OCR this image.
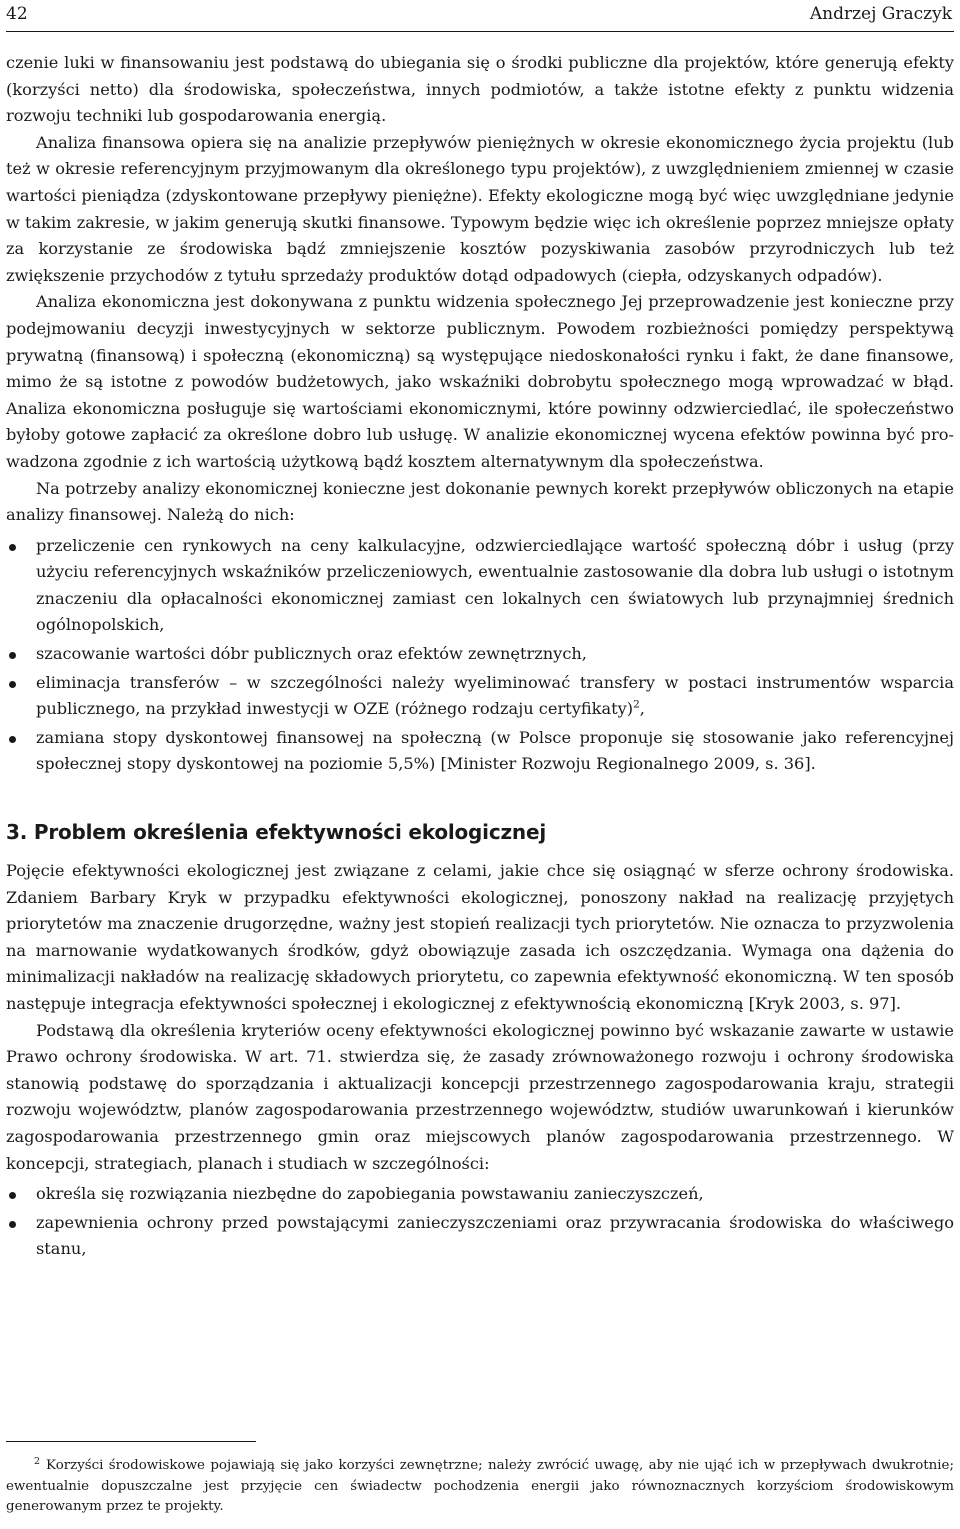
42	Andrzej Graczyk

czenie luki w finansowaniu jest podstawą do ubiegania się o środki publiczne dla projektów, które generują efekty (korzyści netto) dla środowiska, społeczeństwa, innych podmiotów, a także istotne efekty z punktu widzenia rozwoju techniki lub gospodarowania energią.

Analiza finansowa opiera się na analizie przepływów pieniężnych w okresie ekonomicznego życia projektu (lub też w okresie referencyjnym przyjmowanym dla określonego typu projektów), z uwzględnieniem zmiennej w czasie wartości pieniądza (zdyskontowane przepływy pieniężne). Efekty ekologiczne mogą być więc uwzględniane jedynie w takim zakresie, w jakim generują skutki finansowe. Typowym będzie więc ich określenie poprzez mniejsze opłaty za korzystanie ze środowiska bądź zmniejszenie kosztów pozyskiwania zasobów przyrodniczych lub też zwiększenie przychodów z tytułu sprzedaży produktów dotąd odpadowych (ciepła, odzyskanych odpadów).

Analiza ekonomiczna jest dokonywana z punktu widzenia społecznego Jej przeprowadzenie jest konieczne przy podejmowaniu decyzji inwestycyjnych w sektorze publicznym. Powodem rozbieżności pomiędzy perspektywą prywatną (finansową) i społeczną (ekonomiczną) są występujące niedoskonałości rynku i fakt, że dane finansowe, mimo że są istotne z powodów budżetowych, jako wskaźniki dobrobytu społecznego mogą wprowadzać w błąd. Analiza ekonomiczna posługuje się wartościami ekonomicznymi, które powinny odzwierciedlać, ile społeczeństwo byłoby gotowe zapłacić za określone dobro lub usługę. W analizie ekonomicznej wycena efektów powinna być prowadzona zgodnie z ich wartością użytkową bądź kosztem alternatywnym dla społeczeństwa.

Na potrzeby analizy ekonomicznej konieczne jest dokonanie pewnych korekt przepływów obliczonych na etapie analizy finansowej. Należą do nich:

przeliczenie cen rynkowych na ceny kalkulacyjne, odzwierciedlające wartość społeczną dóbr i usług (przy użyciu referencyjnych wskaźników przeliczeniowych, ewentualnie zastosowanie dla dobra lub usługi o istotnym znaczeniu dla opłacalności ekonomicznej zamiast cen lokalnych cen światowych lub przynajmniej średnich ogólnopolskich,
szacowanie wartości dóbr publicznych oraz efektów zewnętrznych,
eliminacja transferów – w szczególności należy wyeliminować transfery w postaci instrumentów wsparcia publicznego, na przykład inwestycji w OZE (różnego rodzaju certyfikaty)$^2$,
zamiana stopy dyskontowej finansowej na społeczną (w Polsce proponuje się stosowanie jako referencyjnej społecznej stopy dyskontowej na poziomie 5,5%) [Minister Rozwoju Regionalnego 2009, s. 36].
3. Problem określenia efektywności ekologicznej

Pojęcie efektywności ekologicznej jest związane z celami, jakie chce się osiągnąć w sferze ochrony środowiska. Zdaniem Barbary Kryk w przypadku efektywności ekologicznej, ponoszony nakład na realizację przyjętych priorytetów ma znaczenie drugorzędne, ważny jest stopień realizacji tych priorytetów. Nie oznacza to przyzwolenia na marnowanie wydatkowanych środków, gdyż obowiązuje zasada ich oszczędzania. Wymaga ona dążenia do minimalizacji nakładów na realizację składowych priorytetu, co zapewnia efektywność ekonomiczną. W ten sposób następuje integracja efektywności społecznej i ekologicznej z efektywnością ekonomiczną [Kryk 2003, s. 97].

Podstawą dla określenia kryteriów oceny efektywności ekologicznej powinno być wskazanie zawarte w ustawie Prawo ochrony środowiska. W art. 71. stwierdza się, że zasady zrównoważonego rozwoju i ochrony środowiska stanowią podstawę do sporządzania i aktualizacji koncepcji przestrzennego zagospodarowania kraju, strategii rozwoju województw, planów zagospodarowania przestrzennego województw, studiów uwarunkowań i kierunków zagospodarowania przestrzennego gmin oraz miejscowych planów zagospodarowania przestrzennego. W koncepcji, strategiach, planach i studiach w szczególności:

określa się rozwiązania niezbędne do zapobiegania powstawaniu zanieczyszczeń,
zapewnienia ochrony przed powstającymi zanieczyszczeniami oraz przywracania środowiska do właściwego stanu,

$^2$ Korzyści środowiskowe pojawiają się jako korzyści zewnętrzne; należy zwrócić uwagę, aby nie ująć ich w przepływach dwukrotnie; ewentualnie dopuszczalne jest przyjęcie cen świadectw pochodzenia energii jako równoznacznych korzyściom środowiskowym generowanym przez te projekty.
